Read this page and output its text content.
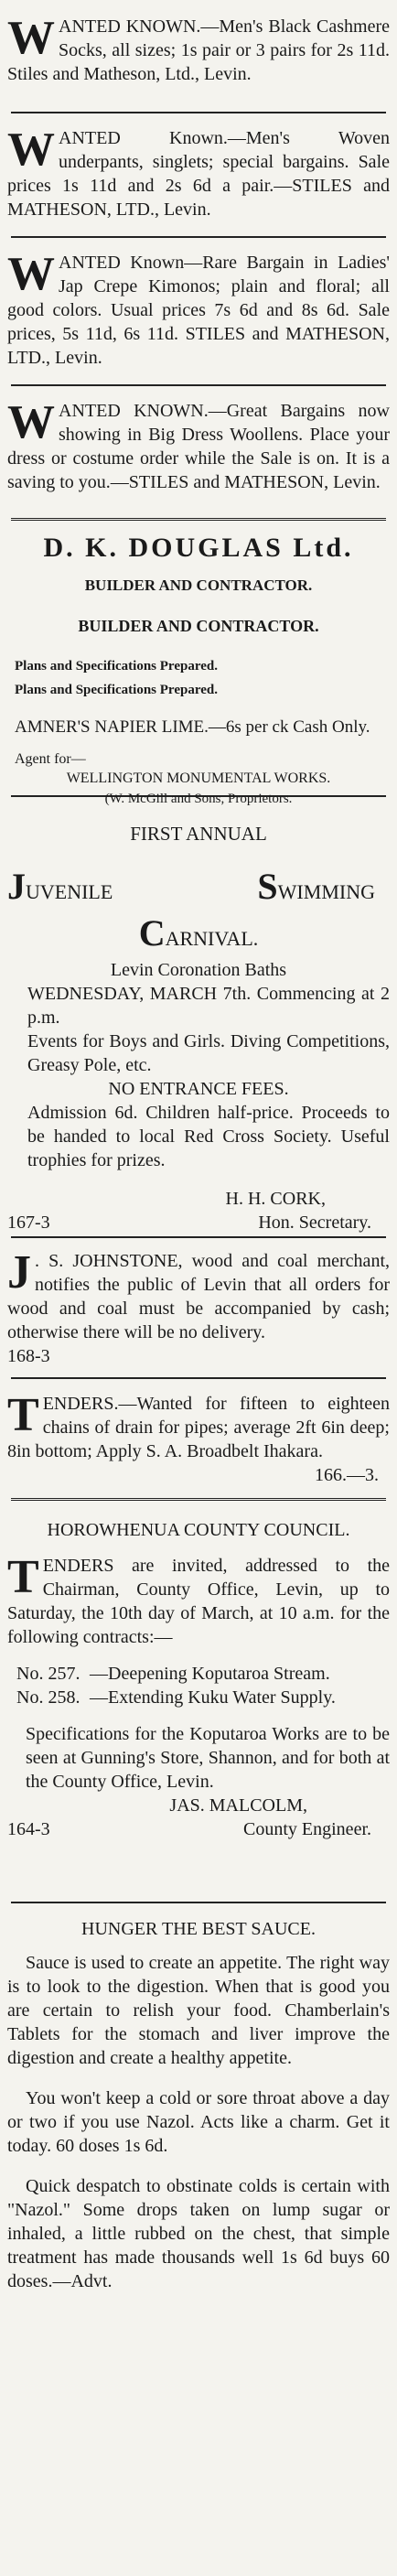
WANTED KNOWN.—Men's Black Cashmere Socks, all sizes; 1s pair or 3 pairs for 2s 11d. Stiles and Matheson, Ltd., Levin.

WANTED Known.—Men's Woven underpants, singlets; special bargains. Sale prices 1s 11d and 2s 6d a pair.—STILES and MATHESON, LTD., Levin.

WANTED Known—Rare Bargain in Ladies' Jap Crepe Kimonos; plain and floral; all good colors. Usual prices 7s 6d and 8s 6d. Sale prices, 5s 11d, 6s 11d. STILES and MATHESON, LTD., Levin.

WANTED KNOWN.—Great Bargains now showing in Big Dress Woollens. Place your dress or costume order while the Sale is on. It is a saving to you.—STILES and MATHESON, Levin.

D. K. DOUGLAS Ltd.

BUILDER AND CONTRACTOR.

BUILDER AND CONTRACTOR.

Plans and Specifications Prepared.

Plans and Specifications Prepared.

AMNER'S NAPIER LIME.—6s per ck Cash Only.

Agent for—

WELLINGTON MONUMENTAL WORKS.

(W. McGill and Sons, Proprietors.

FIRST ANNUAL

JUVENILE	SWIMMING

CARNIVAL.

Levin Coronation Baths

WEDNESDAY, MARCH 7th. Commencing at 2 p.m.

Events for Boys and Girls. Diving Competitions, Greasy Pole, etc.

NO ENTRANCE FEES.

Admission 6d. Children half-price. Proceeds to be handed to local Red Cross Society. Useful trophies for prizes.

H. H. CORK,

167-3	Hon. Secretary.

J . S. JOHNSTONE, wood and coal merchant, notifies the public of Levin that all orders for wood and coal must be accompanied by cash; otherwise there will be no delivery.

168-3

TENDERS.—Wanted for fifteen to eighteen chains of drain for pipes; average 2ft 6in deep; 8in bottom; Apply S. A. Broadbelt Ihakara.
166.—3.

HOROWHENUA COUNTY COUNCIL.

TENDERS are invited, addressed to the Chairman, County Office, Levin, up to Saturday, the 10th day of March, at 10 a.m. for the following contracts:—

No. 257. —Deepening Koputaroa Stream.
No. 258. —Extending Kuku Water Supply.

Specifications for the Koputaroa Works are to be seen at Gunning's Store, Shannon, and for both at the County Office, Levin.

JAS. MALCOLM,

164-3	County Engineer.

HUNGER THE BEST SAUCE.

Sauce is used to create an appetite. The right way is to look to the digestion. When that is good you are certain to relish your food. Chamberlain's Tablets for the stomach and liver improve the digestion and create a healthy appetite.

You won't keep a cold or sore throat above a day or two if you use Nazol. Acts like a charm. Get it today. 60 doses 1s 6d.

Quick despatch to obstinate colds is certain with "Nazol." Some drops taken on lump sugar or inhaled, a little rubbed on the chest, that simple treatment has made thousands well 1s 6d buys 60 doses.—Advt.
